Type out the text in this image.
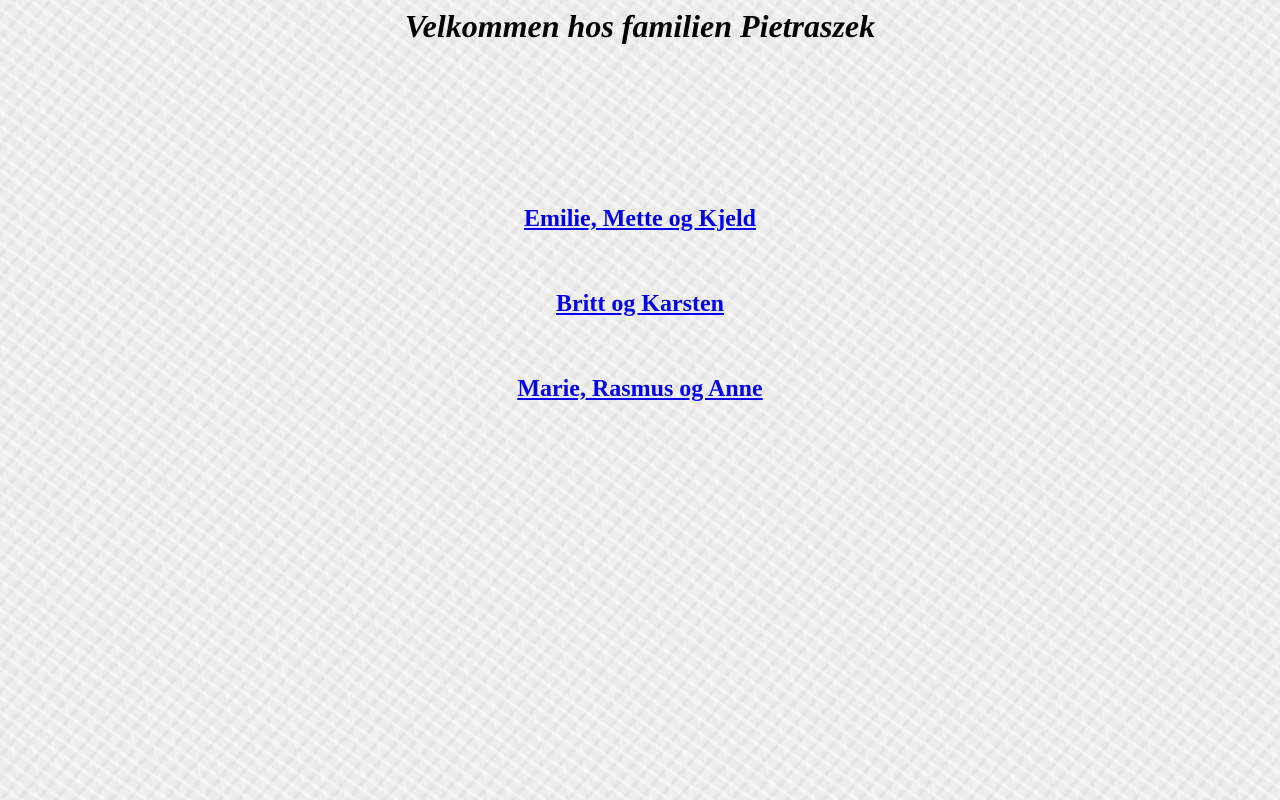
Velkommen hos familien Pietraszek

Emilie, Mette og Kjeld

Britt og Karsten

Marie, Rasmus og Anne
